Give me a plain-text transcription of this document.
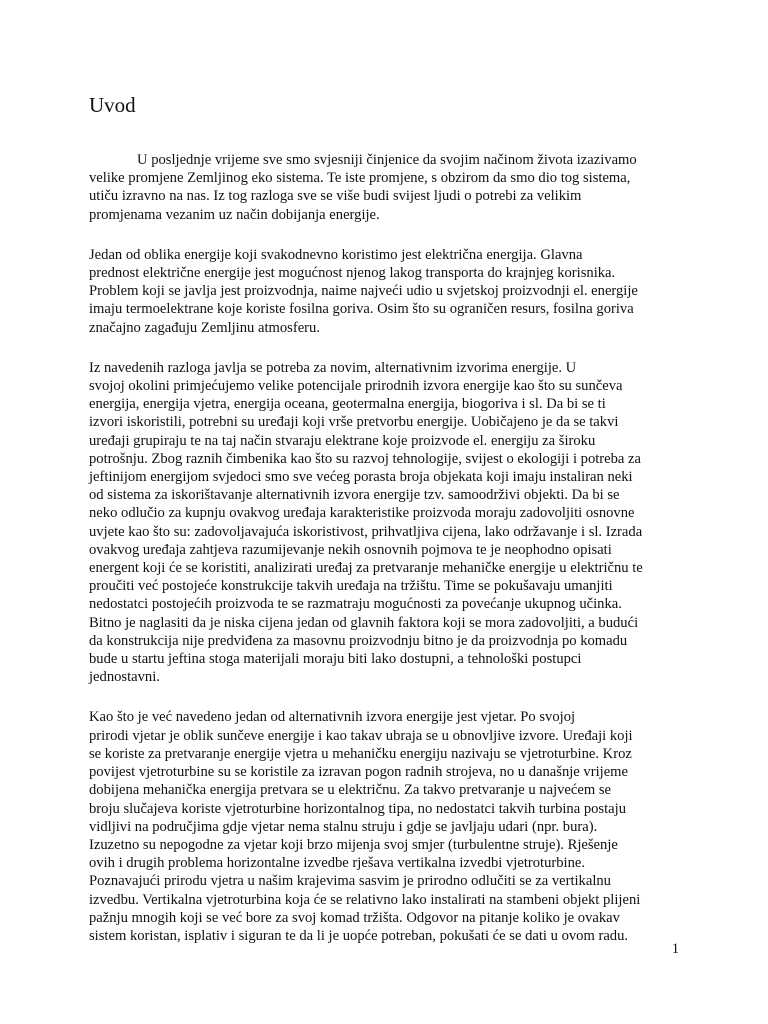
Uvod

U posljednje vrijeme sve smo svjesniji činjenice da svojim načinom života izazivamo
velike promjene Zemljinog eko sistema. Te iste promjene, s obzirom da smo dio tog sistema,
utiču izravno na nas. Iz tog razloga sve se više budi svijest ljudi o potrebi za velikim
promjenama vezanim uz način dobijanja energije.

Jedan od oblika energije koji svakodnevno koristimo jest električna energija. Glavna
prednost električne energije jest mogućnost njenog lakog transporta do krajnjeg korisnika.
Problem koji se javlja jest proizvodnja, naime najveći udio u svjetskoj proizvodnji el. energije
imaju termoelektrane koje koriste fosilna goriva. Osim što su ograničen resurs, fosilna goriva
značajno zagađuju Zemljinu atmosferu.

Iz navedenih razloga javlja se potreba za novim, alternativnim izvorima energije. U
svojoj okolini primjećujemo velike potencijale prirodnih izvora energije kao što su sunčeva
energija, energija vjetra, energija oceana, geotermalna energija, biogoriva i sl. Da bi se ti
izvori iskoristili, potrebni su uređaji koji vrše pretvorbu energije. Uobičajeno je da se takvi
uređaji grupiraju te na taj način stvaraju elektrane koje proizvode el. energiju za široku
potrošnju. Zbog raznih čimbenika kao što su razvoj tehnologije, svijest o ekologiji i potreba za
jeftinijom energijom svjedoci smo sve većeg porasta broja objekata koji imaju instaliran neki
od sistema za iskorištavanje alternativnih izvora energije tzv. samoodrživi objekti. Da bi se
neko odlučio za kupnju ovakvog uređaja karakteristike proizvoda moraju zadovoljiti osnovne
uvjete kao što su: zadovoljavajuća iskoristivost, prihvatljiva cijena, lako održavanje i sl. Izrada
ovakvog uređaja zahtjeva razumijevanje nekih osnovnih pojmova te je neophodno opisati
energent koji će se koristiti, analizirati uređaj za pretvaranje mehaničke energije u električnu te
proučiti već postojeće konstrukcije takvih uređaja na tržištu. Time se pokušavaju umanjiti
nedostatci postojećih proizvoda te se razmatraju mogućnosti za povećanje ukupnog učinka.
Bitno je naglasiti da je niska cijena jedan od glavnih faktora koji se mora zadovoljiti, a budući
da konstrukcija nije predviđena za masovnu proizvodnju bitno je da proizvodnja po komadu
bude u startu jeftina stoga materijali moraju biti lako dostupni, a tehnološki postupci
jednostavni.

Kao što je već navedeno jedan od alternativnih izvora energije jest vjetar. Po svojoj
prirodi vjetar je oblik sunčeve energije i kao takav ubraja se u obnovljive izvore. Uređaji koji
se koriste za pretvaranje energije vjetra u mehaničku energiju nazivaju se vjetroturbine. Kroz
povijest vjetroturbine su se koristile za izravan pogon radnih strojeva, no u današnje vrijeme
dobijena mehanička energija pretvara se u električnu. Za takvo pretvaranje u najvećem se
broju slučajeva koriste vjetroturbine horizontalnog tipa, no nedostatci takvih turbina postaju
vidljivi na područjima gdje vjetar nema stalnu struju i gdje se javljaju udari (npr. bura).
Izuzetno su nepogodne za vjetar koji brzo mijenja svoj smjer (turbulentne struje). Rješenje
ovih i drugih problema horizontalne izvedbe rješava vertikalna izvedbi vjetroturbine.
Poznavajući prirodu vjetra u našim krajevima sasvim je prirodno odlučiti se za vertikalnu
izvedbu. Vertikalna vjetroturbina koja će se relativno lako instalirati na stambeni objekt plijeni
pažnju mnogih koji se već bore za svoj komad tržišta. Odgovor na pitanje koliko je ovakav
sistem koristan, isplativ i siguran te da li je uopće potreban, pokušati će se dati u ovom radu.

1
